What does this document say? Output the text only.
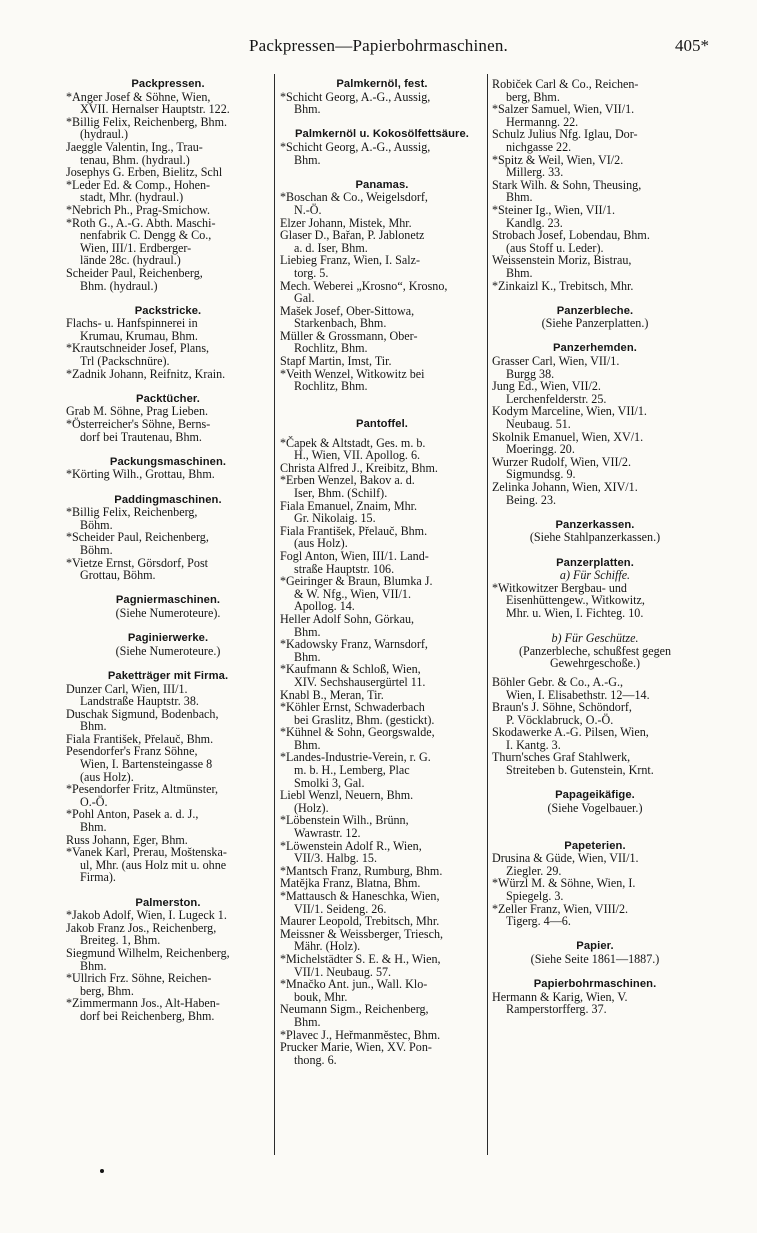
Packpressen—Papierbohrmaschinen.	405*
Packpressen.
*Anger Josef & Söhne, Wien,
XVII. Hernalser Hauptstr. 122.
*Billig Felix, Reichenberg, Bhm.
(hydraul.)
Jaeggle Valentin, Ing., Trau-
tenau, Bhm. (hydraul.)
Josephys G. Erben, Bielitz, Schl
*Leder Ed. & Comp., Hohen-
stadt, Mhr. (hydraul.)
*Nebrich Ph., Prag-Smichow.
*Roth G., A.-G. Abth. Maschi-
nenfabrik C. Dengg & Co.,
Wien, III/1. Erdberger-
lände 28c. (hydraul.)
Scheider Paul, Reichenberg,
Bhm. (hydraul.)
Packstricke.
Flachs- u. Hanfspinnerei in
Krumau, Krumau, Bhm.
*Krautschneider Josef, Plans,
Trl (Packschnüre).
*Zadnik Johann, Reifnitz, Krain.
Packtücher.
Grab M. Söhne, Prag Lieben.
*Österreicher's Söhne, Berns-
dorf bei Trautenau, Bhm.
Packungsmaschinen.
*Körting Wilh., Grottau, Bhm.
Paddingmaschinen.
*Billig Felix, Reichenberg,
Böhm.
*Scheider Paul, Reichenberg,
Böhm.
*Vietze Ernst, Görsdorf, Post
Grottau, Böhm.
Pagniermaschinen.
(Siehe Numeroteure).
Paginierwerke.
(Siehe Numeroteure.)
Paketträger mit Firma.
Dunzer Carl, Wien, III/1.
Landstraße Hauptstr. 38.
Duschak Sigmund, Bodenbach,
Bhm.
Fiala František, Přelauč, Bhm.
Pesendorfer's Franz Söhne,
Wien, I. Bartensteingasse 8
(aus Holz).
*Pesendorfer Fritz, Altmünster,
O.-Ö.
*Pohl Anton, Pasek a. d. J.,
Bhm.
Russ Johann, Eger, Bhm.
*Vanek Karl, Prerau, Moštenska-
ul, Mhr. (aus Holz mit u. ohne
Firma).
Palmerston.
*Jakob Adolf, Wien, I. Lugeck 1.
Jakob Franz Jos., Reichenberg,
Breiteg. 1, Bhm.
Siegmund Wilhelm, Reichenberg,
Bhm.
*Ullrich Frz. Söhne, Reichen-
berg, Bhm.
*Zimmermann Jos., Alt-Haben-
dorf bei Reichenberg, Bhm.
Palmkernöl, fest.
*Schicht Georg, A.-G., Aussig,
Bhm.
Palmkernöl u. Kokosölfettsäure.
*Schicht Georg, A.-G., Aussig,
Bhm.
Panamas.
*Boschan & Co., Weigelsdorf,
N.-Ö.
Elzer Johann, Mistek, Mhr.
Glaser D., Bařan, P. Jablonetz
a. d. Iser, Bhm.
Liebieg Franz, Wien, I. Salz-
torg. 5.
Mech. Weberei „Krosno“, Krosno,
Gal.
Mašek Josef, Ober-Sittowa,
Starkenbach, Bhm.
Müller & Grossmann, Ober-
Rochlitz, Bhm.
Stapf Martin, Imst, Tir.
*Veith Wenzel, Witkowitz bei
Rochlitz, Bhm.
Pantoffel.
*Čapek & Altstadt, Ges. m. b.
H., Wien, VII. Apollog. 6.
Christa Alfred J., Kreibitz, Bhm.
*Erben Wenzel, Bakov a. d.
Iser, Bhm. (Schilf).
Fiala Emanuel, Znaim, Mhr.
Gr. Nikolaig. 15.
Fiala František, Přelauč, Bhm.
(aus Holz).
Fogl Anton, Wien, III/1. Land-
straße Hauptstr. 106.
*Geiringer & Braun, Blumka J.
& W. Nfg., Wien, VII/1.
Apollog. 14.
Heller Adolf Sohn, Görkau,
Bhm.
*Kadowsky Franz, Warnsdorf,
Bhm.
*Kaufmann & Schloß, Wien,
XIV. Sechshausergürtel 11.
Knabl B., Meran, Tir.
*Köhler Ernst, Schwaderbach
bei Graslitz, Bhm. (gestickt).
*Kühnel & Sohn, Georgswalde,
Bhm.
*Landes-Industrie-Verein, r. G.
m. b. H., Lemberg, Plac
Smolki 3, Gal.
Liebl Wenzl, Neuern, Bhm.
(Holz).
*Löbenstein Wilh., Brünn,
Wawrastr. 12.
*Löwenstein Adolf R., Wien,
VII/3. Halbg. 15.
*Mantsch Franz, Rumburg, Bhm.
Matějka Franz, Blatna, Bhm.
*Mattausch & Haneschka, Wien,
VII/1. Seideng. 26.
Maurer Leopold, Trebitsch, Mhr.
Meissner & Weissberger, Triesch,
Mähr. (Holz).
*Michelstädter S. E. & H., Wien,
VII/1. Neubaug. 57.
*Mnačko Ant. jun., Wall. Klo-
bouk, Mhr.
Neumann Sigm., Reichenberg,
Bhm.
*Plavec J., Heřmanměstec, Bhm.
Prucker Marie, Wien, XV. Pon-
thong. 6.
Robiček Carl & Co., Reichen-
berg, Bhm.
*Salzer Samuel, Wien, VII/1.
Hermanng. 22.
Schulz Julius Nfg. Iglau, Dor-
nichgasse 22.
*Spitz & Weil, Wien, VI/2.
Millerg. 33.
Stark Wilh. & Sohn, Theusing,
Bhm.
*Steiner Ig., Wien, VII/1.
Kandlg. 23.
Strobach Josef, Lobendau, Bhm.
(aus Stoff u. Leder).
Weissenstein Moriz, Bistrau,
Bhm.
*Zinkaizl K., Trebitsch, Mhr.
Panzerbleche.
(Siehe Panzerplatten.)
Panzerhemden.
Grasser Carl, Wien, VII/1.
Burgg 38.
Jung Ed., Wien, VII/2.
Lerchenfelderstr. 25.
Kodym Marceline, Wien, VII/1.
Neubaug. 51.
Skolnik Emanuel, Wien, XV/1.
Moeringg. 20.
Wurzer Rudolf, Wien, VII/2.
Sigmundsg. 9.
Zelinka Johann, Wien, XIV/1.
Being. 23.
Panzerkassen.
(Siehe Stahlpanzerkassen.)
Panzerplatten.
a) Für Schiffe.
*Witkowitzer Bergbau- und
Eisenhüttengew., Witkowitz,
Mhr. u. Wien, I. Fichteg. 10.
b) Für Geschütze.
(Panzerbleche, schußfest gegen
Gewehrgeschoße.)
Böhler Gebr. & Co., A.-G.,
Wien, I. Elisabethstr. 12—14.
Braun's J. Söhne, Schöndorf,
P. Vöcklabruck, O.-Ö.
Skodawerke A.-G. Pilsen, Wien,
I. Kantg. 3.
Thurn'sches Graf Stahlwerk,
Streiteben b. Gutenstein, Krnt.
Papageikäfige.
(Siehe Vogelbauer.)
Papeterien.
Drusina & Güde, Wien, VII/1.
Ziegler. 29.
*Würzl M. & Söhne, Wien, I.
Spiegelg. 3.
*Zeller Franz, Wien, VIII/2.
Tigerg. 4—6.
Papier.
(Siehe Seite 1861—1887.)
Papierbohrmaschinen.
Hermann & Karig, Wien, V.
Ramperstorfferg. 37.
